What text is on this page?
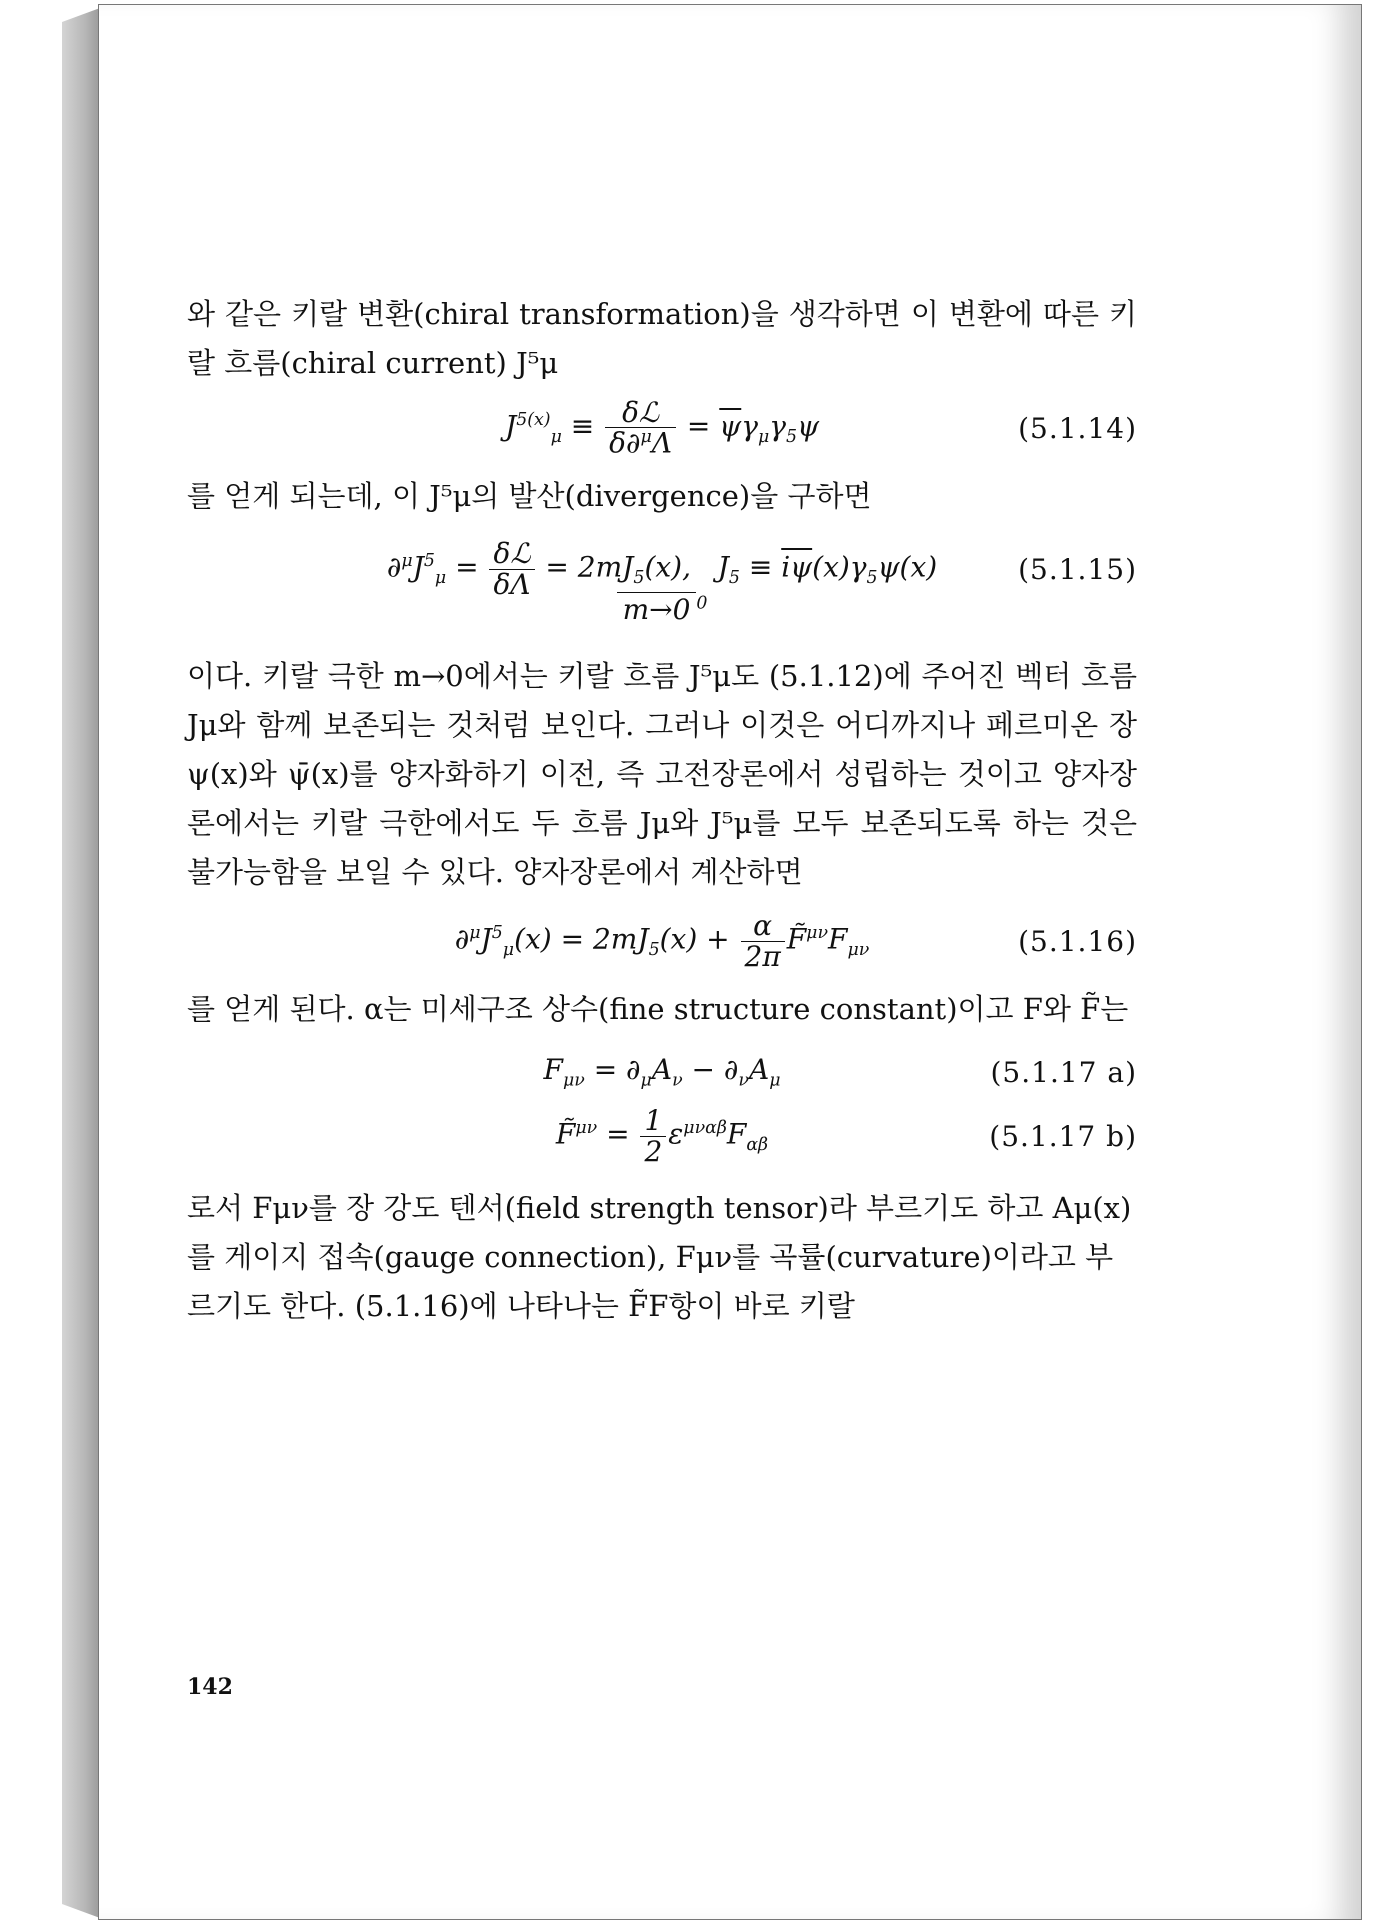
와 같은 키랄 변환(chiral transformation)을 생각하면 이 변환에 따른 키랄 흐름(chiral current) J⁵μ

$J^{5(x)}_\mu \equiv \frac{\text{δℒ}}{\delta\partial^\mu\Lambda} = \overline{\psi}\gamma_\mu\gamma_5\psi$	(5.1.14)

를 얻게 되는데, 이 J⁵μ의 발산(divergence)을 구하면

$\partial^\mu J^5_\mu = \frac{\text{δℒ}}{\delta\Lambda} = 2mJ_5(x)$,   $J_5 \equiv \overline{i\psi}(x)\gamma_5\psi(x)$	(5.1.15)
m→0 $^0$

이다. 키랄 극한 m→0에서는 키랄 흐름 J⁵μ도 (5.1.12)에 주어진 벡터 흐름 Jμ와 함께 보존되는 것처럼 보인다. 그러나 이것은 어디까지나 페르미온 장 ψ(x)와 ψ̄(x)를 양자화하기 이전, 즉 고전장론에서 성립하는 것이고 양자장론에서는 키랄 극한에서도 두 흐름 Jμ와 J⁵μ를 모두 보존되도록 하는 것은 불가능함을 보일 수 있다. 양자장론에서 계산하면

$\partial^\mu J^5_\mu(x) = 2mJ_5(x) + \frac{\alpha}{2\pi}$ $F̃^{\mu\nu}F_{\mu\nu}$	(5.1.16)

를 얻게 된다. α는 미세구조 상수(fine structure constant)이고 F와 F̃는

$F_{\mu\nu} = \partial_\mu A_\nu - \partial_\nu A_\mu$	(5.1.17 a)
F̃$^{\mu\nu}$ = $\frac{1}{2} \varepsilon^{\mu\nu\alpha\beta}F_{\alpha\beta}$	(5.1.17 b)

로서 Fμν를 장 강도 텐서(field strength tensor)라 부르기도 하고 Aμ(x)를 게이지 접속(gauge connection), Fμν를 곡률(curvature)이라고 부르기도 한다. (5.1.16)에 나타나는 F̃F항이 바로 키랄

142
